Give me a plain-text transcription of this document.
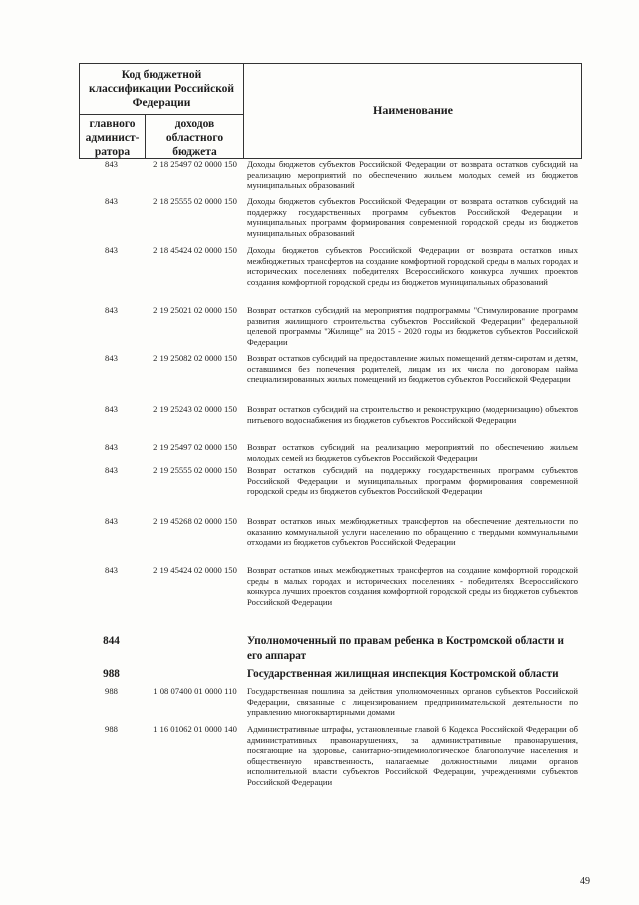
Код бюджетной классификации Российской Федерации
главного админист-ратора
доходов областного бюджета
Наименование
843	2 18 25497 02 0000 150	Доходы бюджетов субъектов Российской Федерации от возврата остатков субсидий на реализацию мероприятий по обеспечению жильем молодых семей из бюджетов муниципальных образований
843	2 18 25555 02 0000 150	Доходы бюджетов субъектов Российской Федерации от возврата остатков субсидий на поддержку государственных программ субъектов Российской Федерации и муниципальных программ формирования современной городской среды из бюджетов муниципальных образований
843	2 18 45424 02 0000 150	Доходы бюджетов субъектов Российской Федерации от возврата остатков иных межбюджетных трансфертов на создание комфортной городской среды в малых городах и исторических поселениях победителях Всероссийского конкурса лучших проектов создания комфортной городской среды из бюджетов муниципальных образований
843	2 19 25021 02 0000 150	Возврат остатков субсидий на мероприятия подпрограммы "Стимулирование программ развития жилищного строительства субъектов Российской Федерации" федеральной целевой программы "Жилище" на 2015 - 2020 годы из бюджетов субъектов Российской Федерации
843	2 19 25082 02 0000 150	Возврат остатков субсидий на предоставление жилых помещений детям-сиротам и детям, оставшимся без попечения родителей, лицам из их числа по договорам найма специализированных жилых помещений из бюджетов субъектов Российской Федерации
843	2 19 25243 02 0000 150	Возврат остатков субсидий на строительство и реконструкцию (модернизацию) объектов питьевого водоснабжения из бюджетов субъектов Российской Федерации
843	2 19 25497 02 0000 150	Возврат остатков субсидий на реализацию мероприятий по обеспечению жильем молодых семей из бюджетов субъектов Российской Федерации
843	2 19 25555 02 0000 150	Возврат остатков субсидий на поддержку государственных программ субъектов Российской Федерации и муниципальных программ формирования современной городской среды из бюджетов субъектов Российской Федерации
843	2 19 45268 02 0000 150	Возврат остатков иных межбюджетных трансфертов на обеспечение деятельности по оказанию коммунальной услуги населению по обращению с твердыми коммунальными отходами из бюджетов субъектов Российской Федерации
843	2 19 45424 02 0000 150	Возврат остатков иных межбюджетных трансфертов на создание комфортной городской среды в малых городах и исторических поселениях - победителях Всероссийского конкурса лучших проектов создания комфортной городской среды из бюджетов субъектов Российской Федерации
844	Уполномоченный по правам ребенка в Костромской области и его аппарат
988	Государственная жилищная инспекция Костромской области
988	1 08 07400 01 0000 110	Государственная пошлина за действия уполномоченных органов субъектов Российской Федерации, связанные с лицензированием предпринимательской деятельности по управлению многоквартирными домами
988	1 16 01062 01 0000 140	Административные штрафы, установленные главой 6 Кодекса Российской Федерации об административных правонарушениях, за административные правонарушения, посягающие на здоровье, санитарно-эпидемиологическое благополучие населения и общественную нравственность, налагаемые должностными лицами органов исполнительной власти субъектов Российской Федерации, учреждениями субъектов Российской Федерации
49
